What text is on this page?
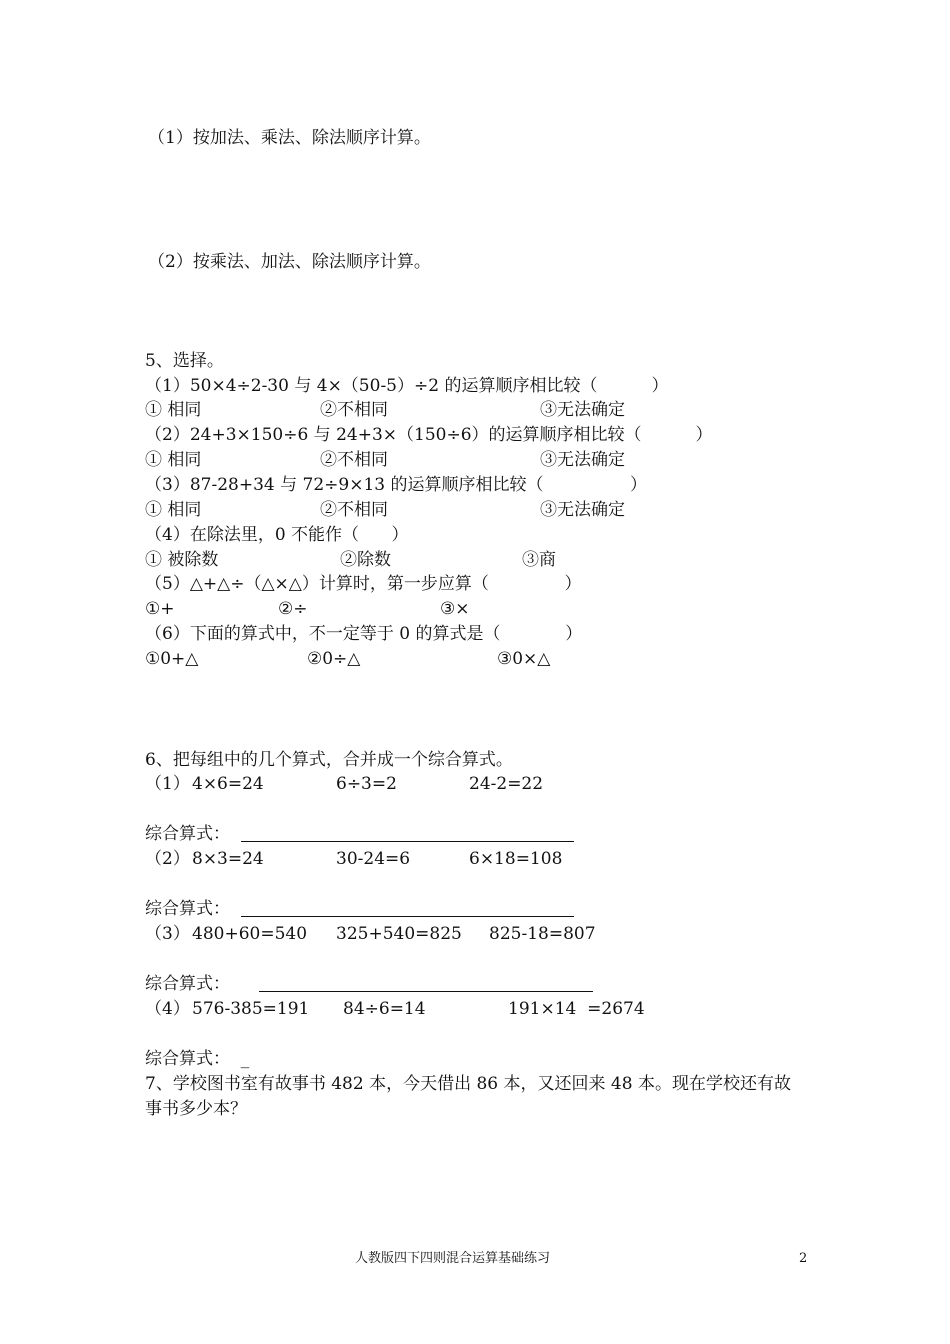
（1）按加法、乘法、除法顺序计算。
（2）按乘法、加法、除法顺序计算。
5、选择。
（1）50×4÷2-30 与 4×（50-5）÷2 的运算顺序相比较（          ）
① 相同	②不相同	③无法确定
（2）24+3×150÷6 与 24+3×（150÷6）的运算顺序相比较（          ）
① 相同	②不相同	③无法确定
（3）87-28+34 与 72÷9×13 的运算顺序相比较（                ）
① 相同	②不相同	③无法确定
（4）在除法里，0 不能作（      ）
① 被除数	②除数	③商
（5）△+△÷（△×△）计算时，第一步应算（              ）
①+	②÷	③×
（6）下面的算式中，不一定等于 0 的算式是（            ）
①0+△	②0÷△	③0×△
6、把每组中的几个算式，合并成一个综合算式。
（1） 4×6=24	6÷3=2	24-2=22
综合算式：
（2） 8×3=24	30-24=6	6×18=108
综合算式：
（3） 480+60=540 325+540=825 825-18=807
综合算式：
（4） 576-385=191 84÷6=14	191×14  =2674
综合算式：  _
7、学校图书室有故事书 482 本，今天借出 86 本，又还回来 48 本。现在学校还有故
事书多少本？
人教版四下四则混合运算基础练习	2
